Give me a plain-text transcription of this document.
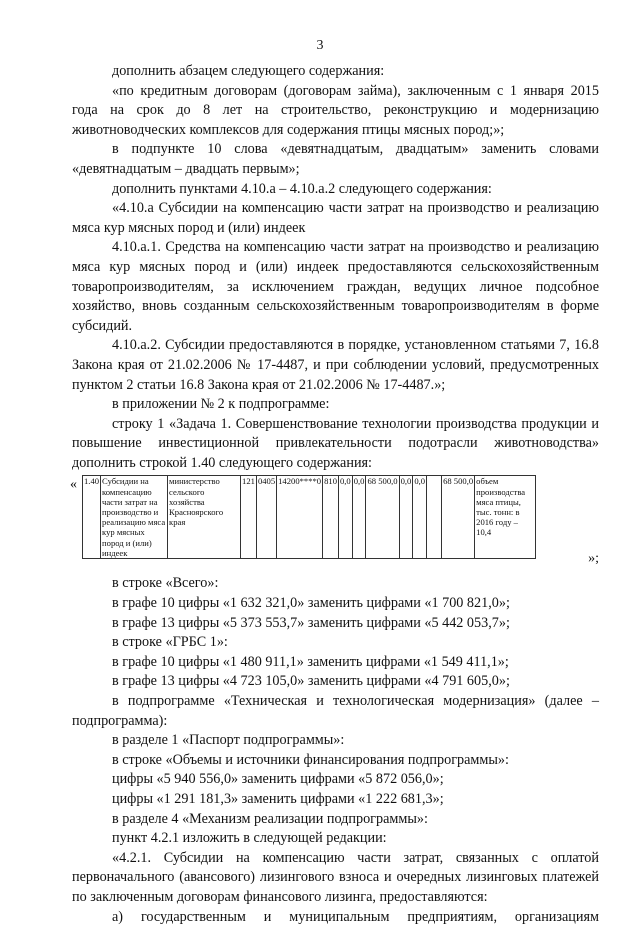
3

дополнить абзацем следующего содержания:

«по кредитным договорам (договорам займа), заключенным с 1 января 2015 года на срок до 8 лет на строительство, реконструкцию и модернизацию животноводческих комплексов для содержания птицы мясных пород;»;

в подпункте 10 слова «девятнадцатым, двадцатым» заменить словами «девятнадцатым – двадцать первым»;

дополнить пунктами 4.10.а – 4.10.а.2 следующего содержания:

«4.10.а Субсидии на компенсацию части затрат на производство и реализацию мяса кур мясных пород и (или) индеек

4.10.а.1. Средства на компенсацию части затрат на производство и реализацию мяса кур мясных пород и (или) индеек предоставляются сельскохозяйственным товаропроизводителям, за исключением граждан, ведущих личное подсобное хозяйство, вновь созданным сельскохозяйственным товаропроизводителям в форме субсидий.

4.10.а.2. Субсидии предоставляются в порядке, установленном статьями 7, 16.8 Закона края от 21.02.2006 № 17-4487, и при соблюдении условий, предусмотренных пунктом 2 статьи 16.8 Закона края от 21.02.2006 № 17-4487.»;

в приложении № 2 к подпрограмме:

строку 1 «Задача 1. Совершенствование технологии производства продукции и повышение инвестиционной привлекательности подотрасли животноводства» дополнить строкой 1.40 следующего содержания:

« 1.40	Субсидии на компенсацию части затрат на производство и реализацию мяса кур мясных пород и (или) индеек	министерство сельского хозяйства Красноярского края	121	0405	14200****0	810	0,0	0,0	68 500,0	0,0	0,0		68 500,0	объем производства мяса птицы, тыс. тонн: в 2016 году – 10,4
»;

в строке «Всего»:

в графе 10 цифры «1 632 321,0» заменить цифрами «1 700 821,0»;

в графе 13 цифры «5 373 553,7» заменить цифрами «5 442 053,7»;

в строке «ГРБС 1»:

в графе 10 цифры «1 480 911,1» заменить цифрами «1 549 411,1»;

в графе 13 цифры «4 723 105,0» заменить цифрами «4 791 605,0»;

в подпрограмме «Техническая и технологическая модернизация» (далее – подпрограмма):

в разделе 1 «Паспорт подпрограммы»:

в строке «Объемы и источники финансирования подпрограммы»:

цифры «5 940 556,0» заменить цифрами «5 872 056,0»;

цифры «1 291 181,3» заменить цифрами «1 222 681,3»;

в разделе 4 «Механизм реализации подпрограммы»:

пункт 4.2.1 изложить в следующей редакции:

«4.2.1. Субсидии на компенсацию части затрат, связанных с оплатой первоначального (авансового) лизингового взноса и очередных лизинговых платежей по заключенным договорам финансового лизинга, предоставляются:

а) государственным и муниципальным предприятиям, организациям
